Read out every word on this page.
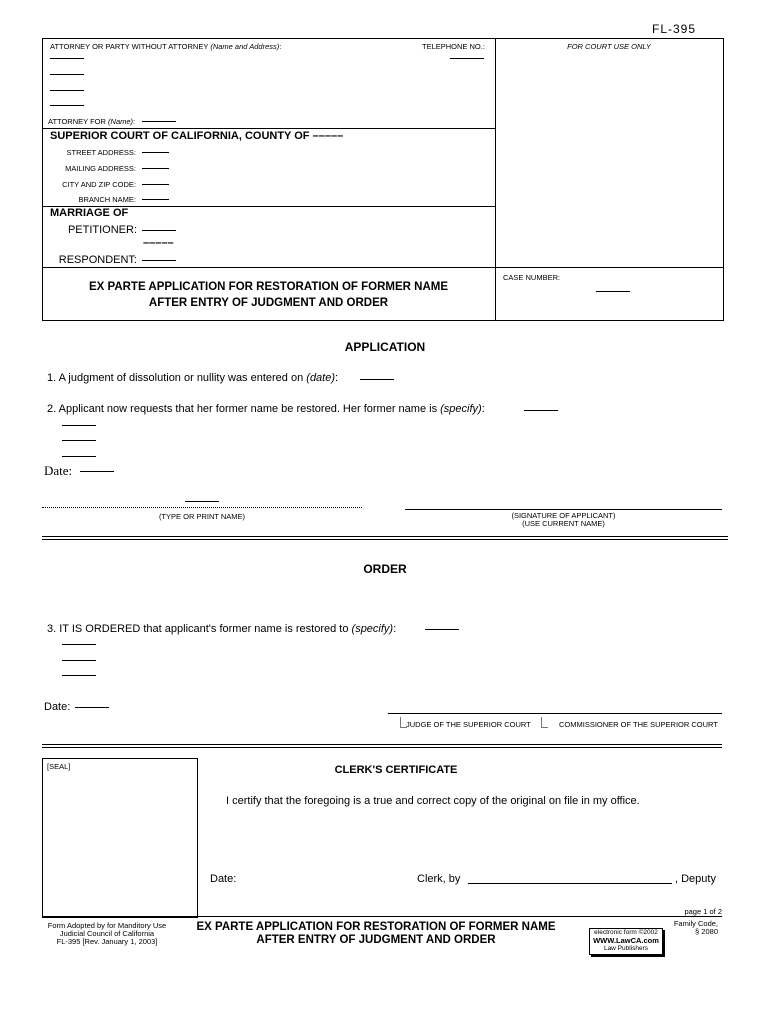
FL-395
ATTORNEY OR PARTY WITHOUT ATTORNEY (Name and Address):	TELEPHONE NO.:	FOR COURT USE ONLY
ATTORNEY FOR (Name):
SUPERIOR COURT OF CALIFORNIA, COUNTY OF –––––
STREET ADDRESS:
MAILING ADDRESS:
CITY AND ZIP CODE:
BRANCH NAME:
MARRIAGE OF
PETITIONER:
–––––
RESPONDENT:
EX PARTE APPLICATION FOR RESTORATION OF FORMER NAME
AFTER ENTRY OF JUDGMENT AND ORDER
CASE NUMBER:
APPLICATION
1. A judgment of dissolution or nullity was entered on (date):
2. Applicant now requests that her former name be restored. Her former name is (specify):
Date:
(TYPE OR PRINT NAME)	(SIGNATURE OF APPLICANT)
(USE CURRENT NAME)
ORDER
3. IT IS ORDERED that applicant's former name is restored to (specify):
Date:
JUDGE OF THE SUPERIOR COURT	COMMISSIONER OF THE SUPERIOR COURT
[SEAL]	CLERK'S CERTIFICATE
I certify that the foregoing is a true and correct copy of the original on file in my office.
Date:	Clerk, by	, Deputy
page 1 of 2
Form Adopted by for Manditory Use
Judicial Council of California
FL-395 [Rev. January 1, 2003]
EX PARTE APPLICATION FOR RESTORATION OF FORMER NAME
AFTER ENTRY OF JUDGMENT AND ORDER
electronic form ©2002
WWW.LawCA.com
Law Publishers
Family Code,
§ 2080
